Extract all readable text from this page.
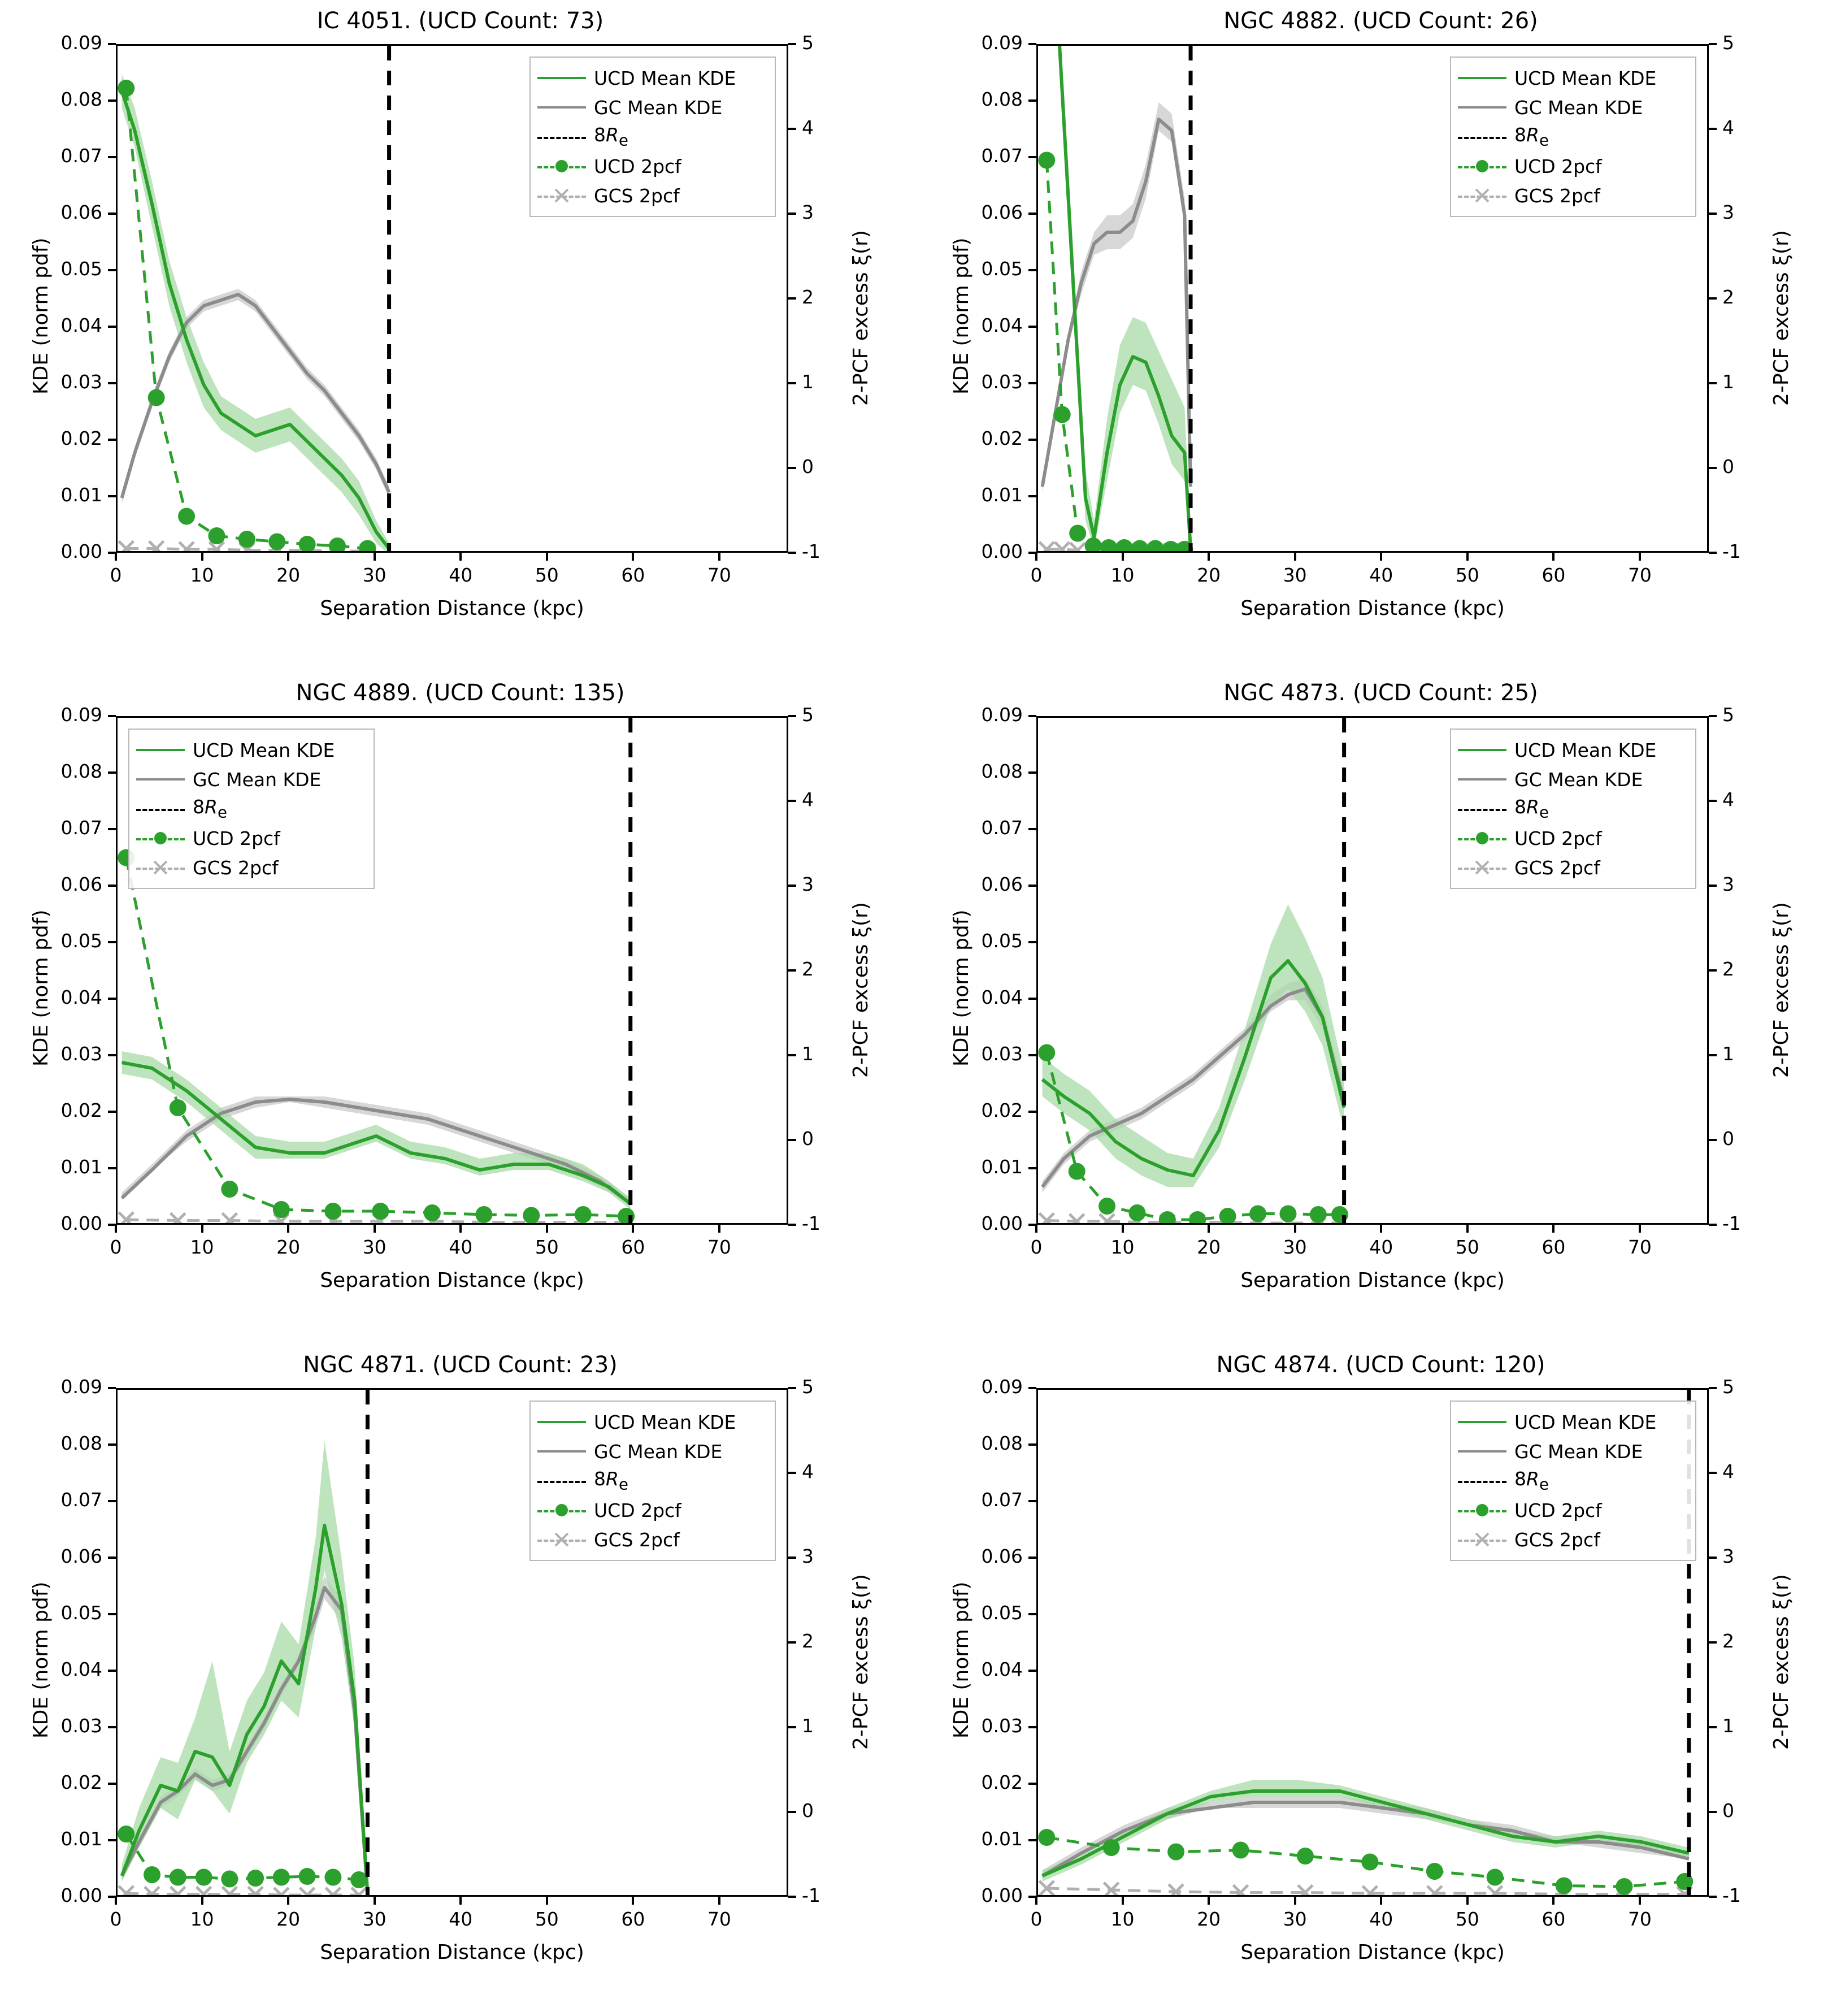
IC 4051. (UCD Count: 73)
0	10	20	30	40	50	60	70
0.00
0.01
0.02
0.03
0.04
0.05
0.06
0.07
0.08
0.09
-1
0
1
2
3
4
5
Separation Distance (kpc)
KDE (norm pdf)	2-PCF excess ξ(r)
UCD Mean KDE
GC Mean KDE
$8R_e$
UCD 2pcf
GCS 2pcf
NGC 4882. (UCD Count: 26)
0	10	20	30	40	50	60	70
0.00
0.01
0.02
0.03
0.04
0.05
0.06
0.07
0.08
0.09
-1
0
1
2
3
4
5
Separation Distance (kpc)
KDE (norm pdf)	2-PCF excess ξ(r)
UCD Mean KDE
GC Mean KDE
$8R_e$
UCD 2pcf
GCS 2pcf
NGC 4889. (UCD Count: 135)
0	10	20	30	40	50	60	70
0.00
0.01
0.02
0.03
0.04
0.05
0.06
0.07
0.08
0.09
-1
0
1
2
3
4
5
Separation Distance (kpc)
KDE (norm pdf)	2-PCF excess ξ(r)
UCD Mean KDE
GC Mean KDE
$8R_e$
UCD 2pcf
GCS 2pcf
NGC 4873. (UCD Count: 25)
0	10	20	30	40	50	60	70
0.00
0.01
0.02
0.03
0.04
0.05
0.06
0.07
0.08
0.09
-1
0
1
2
3
4
5
Separation Distance (kpc)
KDE (norm pdf)	2-PCF excess ξ(r)
UCD Mean KDE
GC Mean KDE
$8R_e$
UCD 2pcf
GCS 2pcf
NGC 4871. (UCD Count: 23)
0	10	20	30	40	50	60	70
0.00
0.01
0.02
0.03
0.04
0.05
0.06
0.07
0.08
0.09
-1
0
1
2
3
4
5
Separation Distance (kpc)
KDE (norm pdf)	2-PCF excess ξ(r)
UCD Mean KDE
GC Mean KDE
$8R_e$
UCD 2pcf
GCS 2pcf
NGC 4874. (UCD Count: 120)
0	10	20	30	40	50	60	70
0.00
0.01
0.02
0.03
0.04
0.05
0.06
0.07
0.08
0.09
-1
0
1
2
3
4
5
Separation Distance (kpc)
KDE (norm pdf)	2-PCF excess ξ(r)
UCD Mean KDE
GC Mean KDE
$8R_e$
UCD 2pcf
GCS 2pcf
